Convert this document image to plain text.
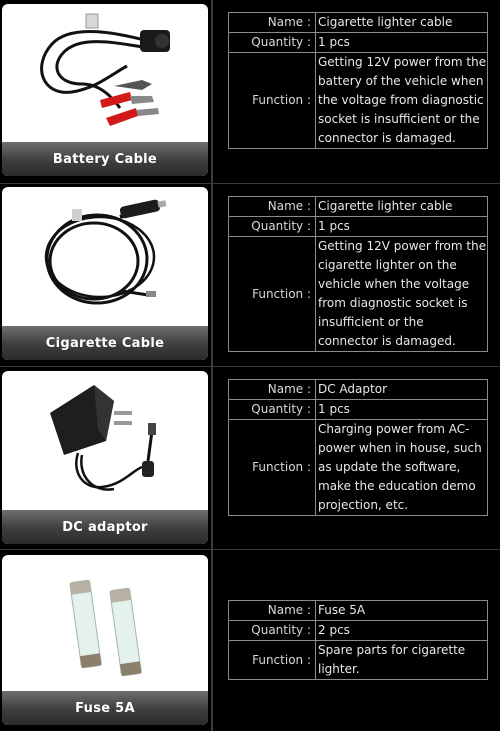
Battery Cable
Name :	Cigarette lighter cable
Quantity :	1 pcs
Function :	Getting 12V power from the battery of the vehicle when the voltage from diagnostic socket is insufficient or the connector is damaged.
Cigarette Cable
Name :	Cigarette lighter cable
Quantity :	1 pcs
Function :	Getting 12V power from the cigarette lighter on the vehicle when the voltage from diagnostic socket is insufficient or the connector is damaged.
DC adaptor
Name :	DC Adaptor
Quantity :	1 pcs
Function :	Charging power from AC-power when in house, such as update the software, make the education demo projection, etc.
Fuse 5A
Name :	Fuse 5A
Quantity :	2 pcs
Function :	Spare parts for cigarette lighter.
